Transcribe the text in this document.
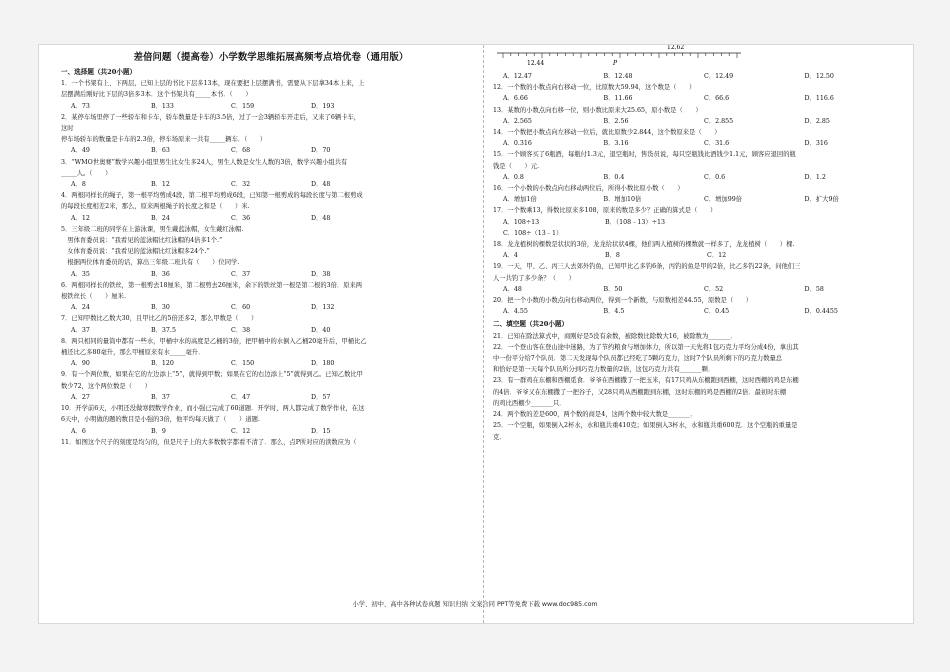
差倍问题（提高卷）小学数学思维拓展高频考点培优卷（通用版）
一、选择题（共20小题）
1．一个书架有上、下两层，已知上层的书比下层多13本，现在要把上层摆满书，需要从下层拿34本上来，上
层摆满后刚好比下层的3倍多3本．这个书架共有_____本书．（　　）
A．73	B．133	C．159	D．193
2．某停车场里停了一些轿车和卡车，轿车数量是卡车的3.5倍，过了一会3辆轿车开走后，又来了6辆卡车，
这时
停车场轿车的数量是卡车的2.3倍，停车场原来一共有_____辆车．（　　）
A．49	B．63	C．68	D．70
3．“WMO世奥赛”数学兴趣小组里男生比女生多24人，男生人数是女生人数的3倍，数学兴趣小组共有
_____人。（　　）
A．8	B．12	C．32	D．48
4．两根同样长的绳子，第一根平均剪成4段，第二根平均剪成6段，已知第一根剪成的每段长度与第二根剪成
的每段长度相差2米，那么，原来两根绳子的长度之和是（　　）米.
A．12	B．24	C．36	D．48
5．三年级二班的同学在上游泳课，男生戴蓝泳帽，女生戴红泳帽.
　男体育委员说：“我看见的蓝泳帽比红泳帽的4倍多1个.”
　女体育委员说：“我看见的蓝泳帽比红泳帽多24个.”
　根据两位体育委员的话，算出三年级二班共有（　　）位同学.
A．35	B．36	C．37	D．38
6．两根同样长的铁丝，第一根剪去18厘米，第二根剪去26厘米，余下的铁丝第一根是第二根的3倍．原来两
根铁丝长（　　）厘米.
A．24	B．30	C．60	D．132
7．已知甲数比乙数大30，且甲比乙的5倍还多2，那么甲数是（　　）
A．37	B．37.5	C．38	D．40
8．两只相同的量筒中都有一些水，甲桶中水的高度是乙桶的3倍，把甲桶中的水倒入乙桶20毫升后，甲桶比乙
桶还比乙多80毫升，那么甲桶原来有水_____毫升．
A．90	B．120	C．150	D．180
9．有一个两位数，如果在它的左边添上“5”，就得到甲数；如果在它的右边添上“5”就得到乙。已知乙数比甲
数少72，这个两位数是（　　）
A．27	B．37	C．47	D．57
10．开学前6天，小明还没做寒假数学作业，而小强已完成了60道题．开学时，两人都完成了数学作业，在这
6天中，小明做的题的数目是小强的3倍，他平均每天做了（　　）道题.
A．6	B．9	C．12	D．15
11．如图这个尺子的刻度是均匀的，但是尺子上的大多数数字都看不清了．那么，点P所对应的读数应为（
12.44	P
12.62
A．12.47	B．12.48	C．12.49	D．12.50
12．一个数的小数点向右移动一位，比原数大59.94，这个数是（　　）
A．6.66	B．11.66	C．66.6	D．116.6
13．某数的小数点向右移一位，则小数比原来大25.65，原小数是（　　）
A．2.565	B．2.56	C．2.855	D．2.85
14．一个数把小数点向左移动一位后，就比原数少2.844，这个数原来是（　　）
A．0.316	B．3.16	C．31.6	D．316
15．一个顾客买了6瓶酒，每瓶付1.3元，退空瓶时，售货员说，每只空瓶钱比酒钱少1.1元，顾客应退回的瓶
钱是（　　）元.
A．0.8	B．0.4	C．0.6	D．1.2
16．一个小数的小数点向右移动两位后，所得小数比原小数（　　）
A．增加1倍	B．增加10倍	C．增加99倍	D．扩大9倍
17．一个数乘13，得数比原来多108，原来的数是多少？正确的算式是（　　）
A．108÷13	B．（108﹣13）÷13
C．108÷（13﹣1）
18．龙龙植树的棵数是状状的3倍，龙龙给状状4棵，他们两人植树的棵数就一样多了，龙龙植树（　　）棵.
A．4	B．8	C．12
19．一天，甲、乙、丙三人去郊外钓鱼，已知甲比乙多钓6条，丙钓的鱼是甲的2倍，比乙多钓22条，问他们三
人一共钓了多少条？（　　）
A．48	B．50	C．52	D．58
20．把一个小数的小数点向右移动两位，得到一个新数，与原数相差44.55，原数是（　　）
A．4.55	B．4.5	C．0.45	D．0.4455
二、填空题（共20小题）
21．已知在除法算式中，商刚好是5没有余数，被除数比除数大16，被除数为_______．
22．一个登山客在登山途中迷路，为了节约粮食与增加体力，所以第一天先将1包巧克力平均分成4份，拿出其
中一份平分给7个队员．第二天发现每个队员都已经吃了5颗巧克力，这时7个队员所剩下的巧克力数量总
和恰好是第一天每个队员所分到巧克力数量的2倍，这包巧克力共有_______颗．
23．有一群鸡在东棚和西棚觅食．爷爷在西棚撒了一把玉米，有17只鸡从东棚跑到西棚，这时西棚的鸡是东棚
的4倍．爷爷又在东棚撒了一把谷子，又28只鸡从西棚跑到东棚，这时东棚的鸡是西棚的2倍．最初时东棚
的鸡比西棚少_______只．
24．两个数的差是600，两个数的商是4，这两个数中较大数是_______．
25．一个空瓶，如果倒入2杯水，水和瓶共重410克；如果倒入3杯水，水和瓶共重600克．这个空瓶的重量是
克．
小学、初中、高中各种试卷真题 知识归纳 文案合同 PPT等免费下载 www.doc985.com
